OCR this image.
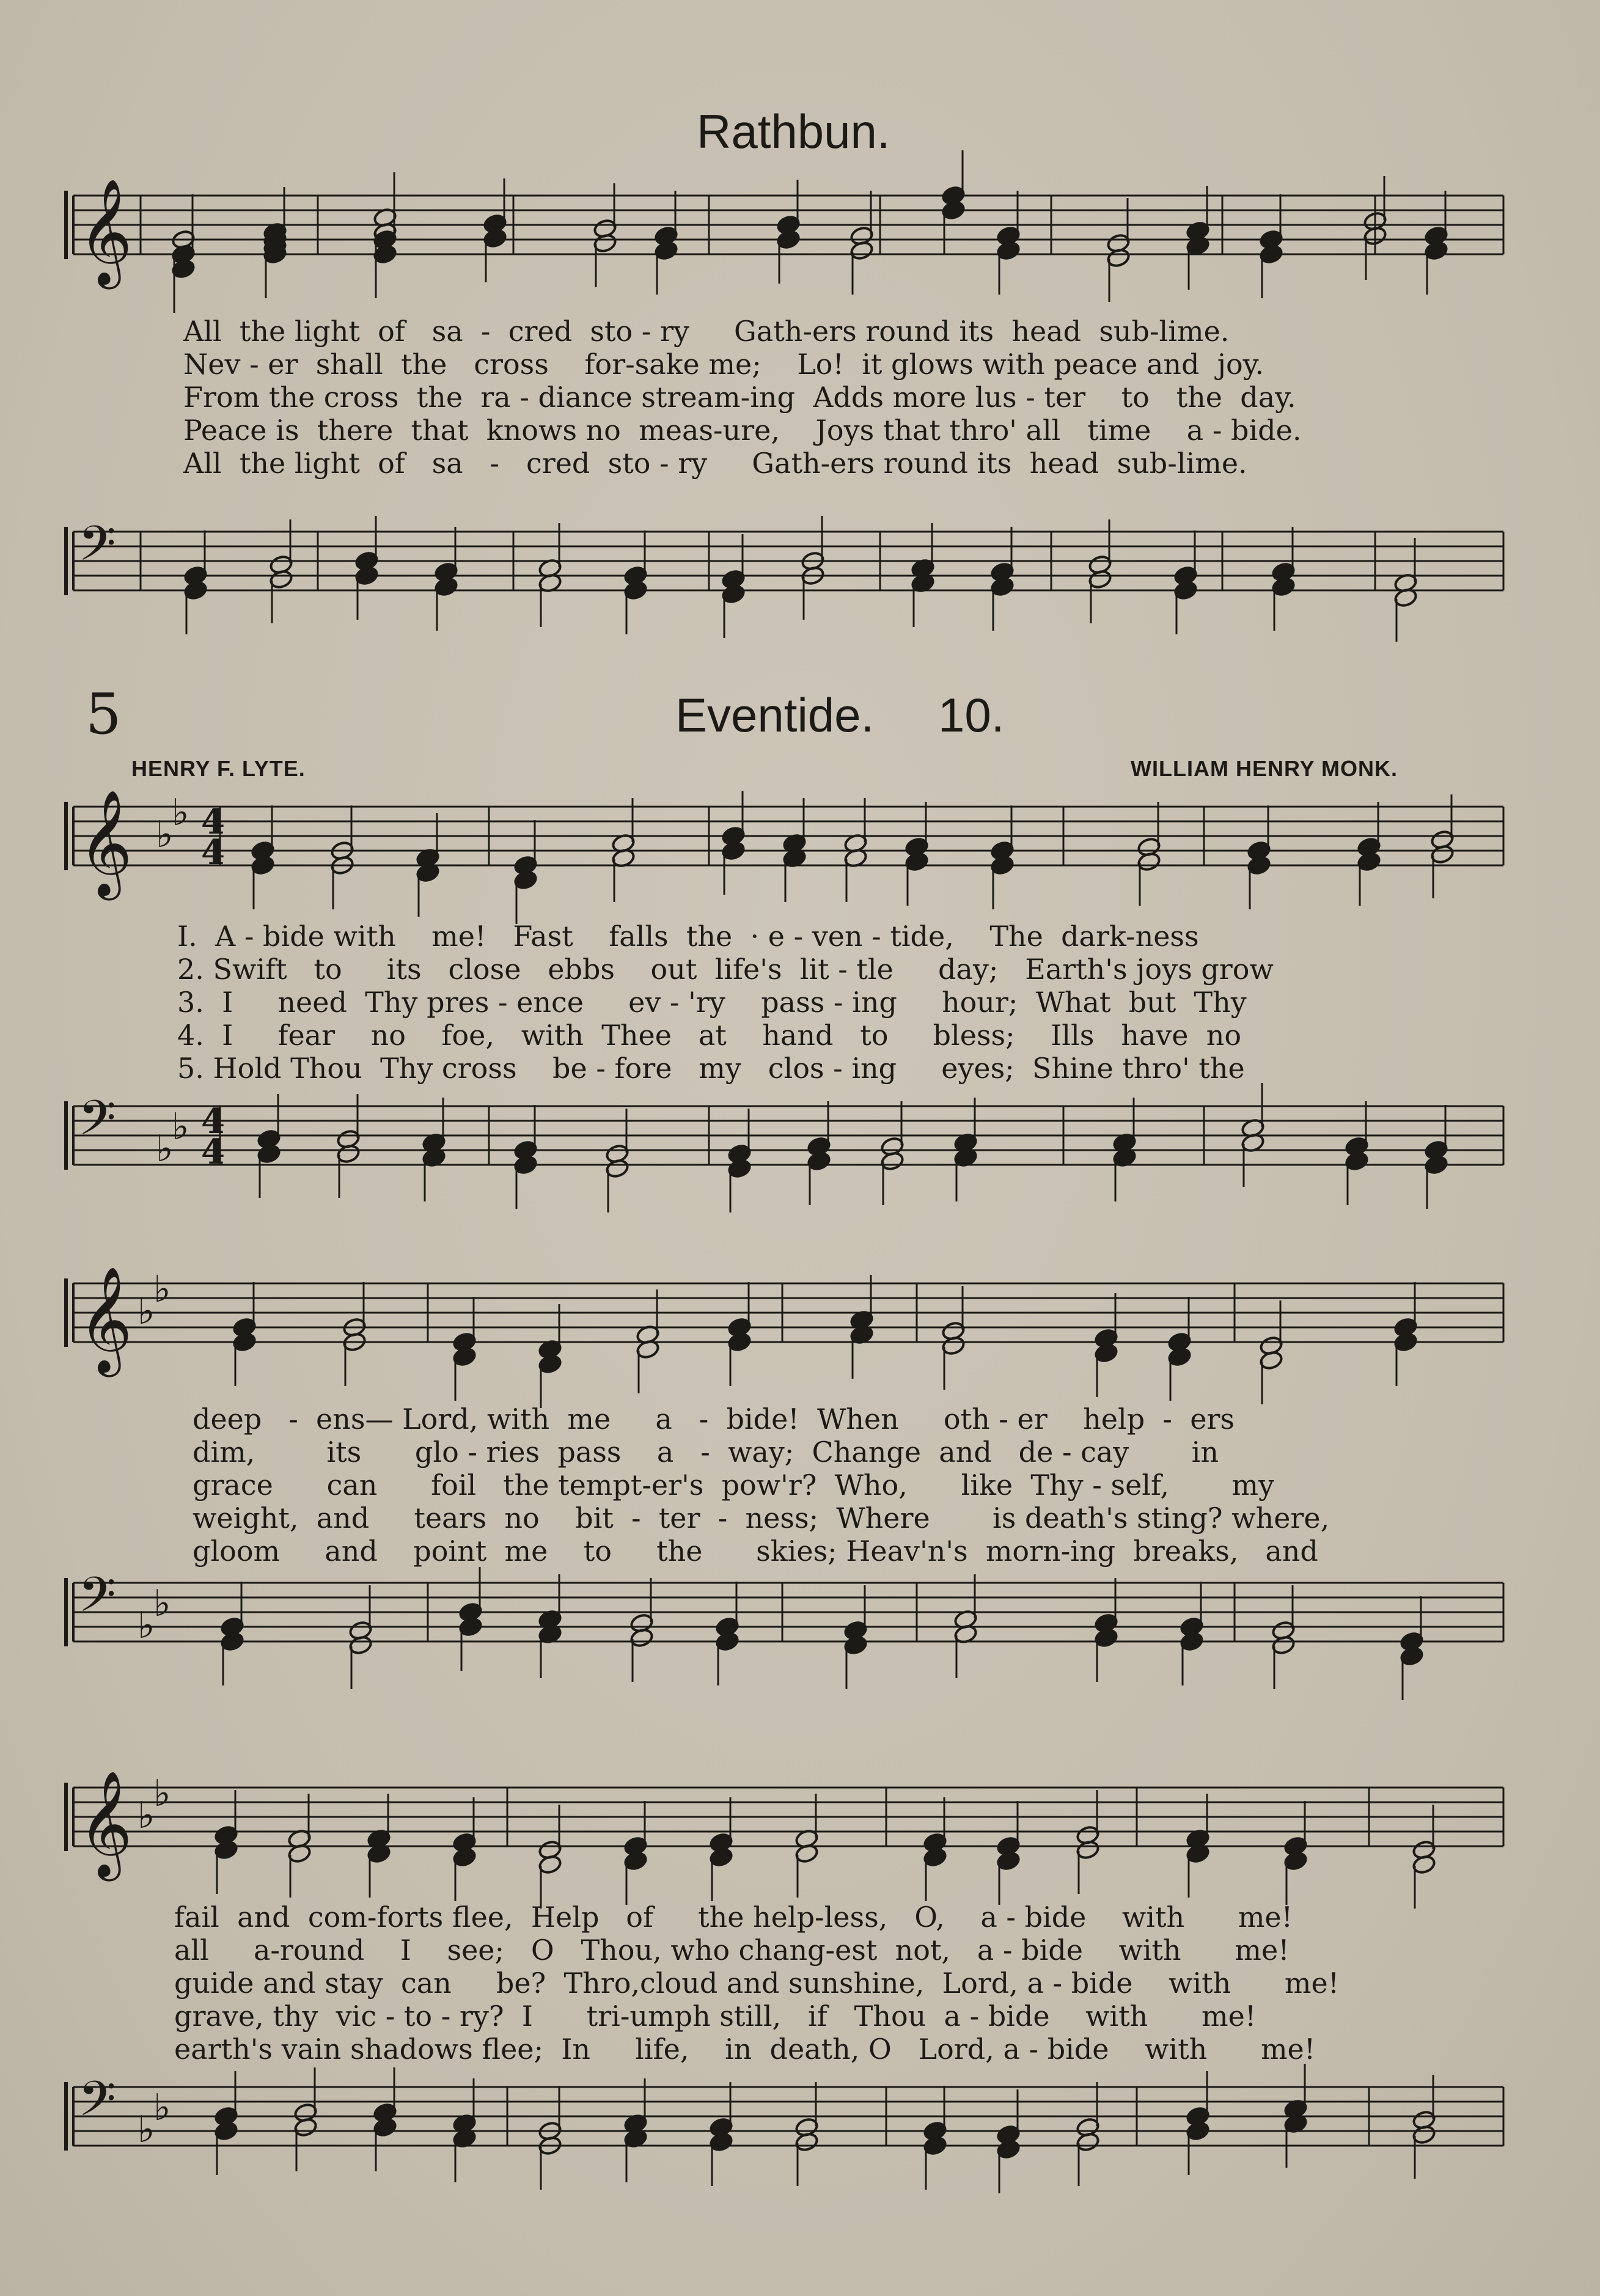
Rathbun.
𝄞
All  the light  of   sa  -  cred  sto - ry     Gath-ers round its  head  sub-lime.
Nev - er  shall  the   cross    for-sake me;    Lo!  it glows with peace and  joy.
From the cross  the  ra - diance stream-ing  Adds more lus - ter    to   the  day.
Peace is  there  that  knows no  meas-ure,    Joys that thro' all   time    a - bide.
All  the light  of   sa   -   cred  sto - ry     Gath-ers round its  head  sub-lime.
𝄢
5	Eventide. 10.
HENRY F. LYTE.	WILLIAM HENRY MONK.
𝄞 ♭
♭ 4
4
I.  A - bide with    me!   Fast    falls  the  · e - ven - tide,    The  dark-ness
2. Swift   to     its   close   ebbs    out  life's  lit - tle     day;   Earth's joys grow
3.  I     need  Thy pres - ence     ev - 'ry    pass - ing     hour;  What  but  Thy
4.  I     fear    no    foe,   with  Thee   at    hand   to     bless;    Ills   have  no
5. Hold Thou  Thy cross    be - fore   my   clos - ing     eyes;  Shine thro' the
𝄢 ♭
♭ 4
4
𝄞 ♭
♭
deep   -  ens— Lord, with  me     a   -  bide!  When     oth - er    help  -  ers
dim,        its      glo - ries  pass    a   -  way;  Change  and   de - cay       in
grace      can      foil   the tempt-er's  pow'r?  Who,      like  Thy - self,       my
weight,  and     tears  no    bit  -  ter  -  ness;  Where       is death's sting? where,
gloom     and    point  me    to     the      skies; Heav'n's  morn-ing  breaks,   and
𝄢 ♭
♭
𝄞 ♭
♭
fail  and  com-forts flee,  Help   of     the help-less,   O,    a - bide    with      me!
all     a-round    I    see;   O   Thou, who chang-est  not,   a - bide    with      me!
guide and stay  can     be?  Thro,cloud and sunshine,  Lord, a - bide    with      me!
grave, thy  vic - to - ry?  I      tri-umph still,   if   Thou  a - bide    with      me!
earth's vain shadows flee;  In     life,    in  death, O   Lord, a - bide    with      me!
𝄢 ♭
♭
